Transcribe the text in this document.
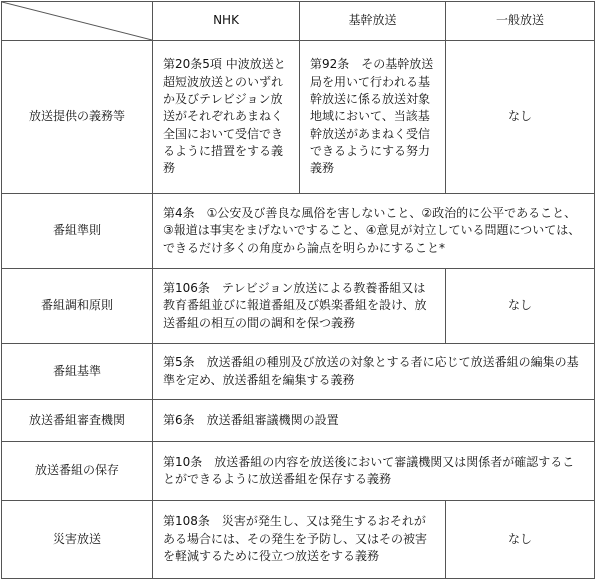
	NHK	基幹放送	一般放送
放送提供の義務等	第20条5項 中波放送と超短波放送とのいずれか及びテレビジョン放送がそれぞれあまねく全国において受信できるように措置をする義務	第92条　その基幹放送局を用いて行われる基幹放送に係る放送対象地域において、当該基幹放送があまねく受信できるようにする努力義務	なし
番組準則	第4条　①公安及び善良な風俗を害しないこと、②政治的に公平であること、③報道は事実をまげないですること、④意見が対立している問題については、できるだけ多くの角度から論点を明らかにすること*		
番組調和原則	第106条　テレビジョン放送による教養番組又は教育番組並びに報道番組及び娯楽番組を設け、放送番組の相互の間の調和を保つ義務		なし
番組基準	第5条　放送番組の種別及び放送の対象とする者に応じて放送番組の編集の基準を定め、放送番組を編集する義務		
放送番組審査機関	第6条　放送番組審議機関の設置		
放送番組の保存	第10条　放送番組の内容を放送後において審議機関又は関係者が確認することができるように放送番組を保存する義務		
災害放送	第108条　災害が発生し、又は発生するおそれがある場合には、その発生を予防し、又はその被害を軽減するために役立つ放送をする義務		なし
